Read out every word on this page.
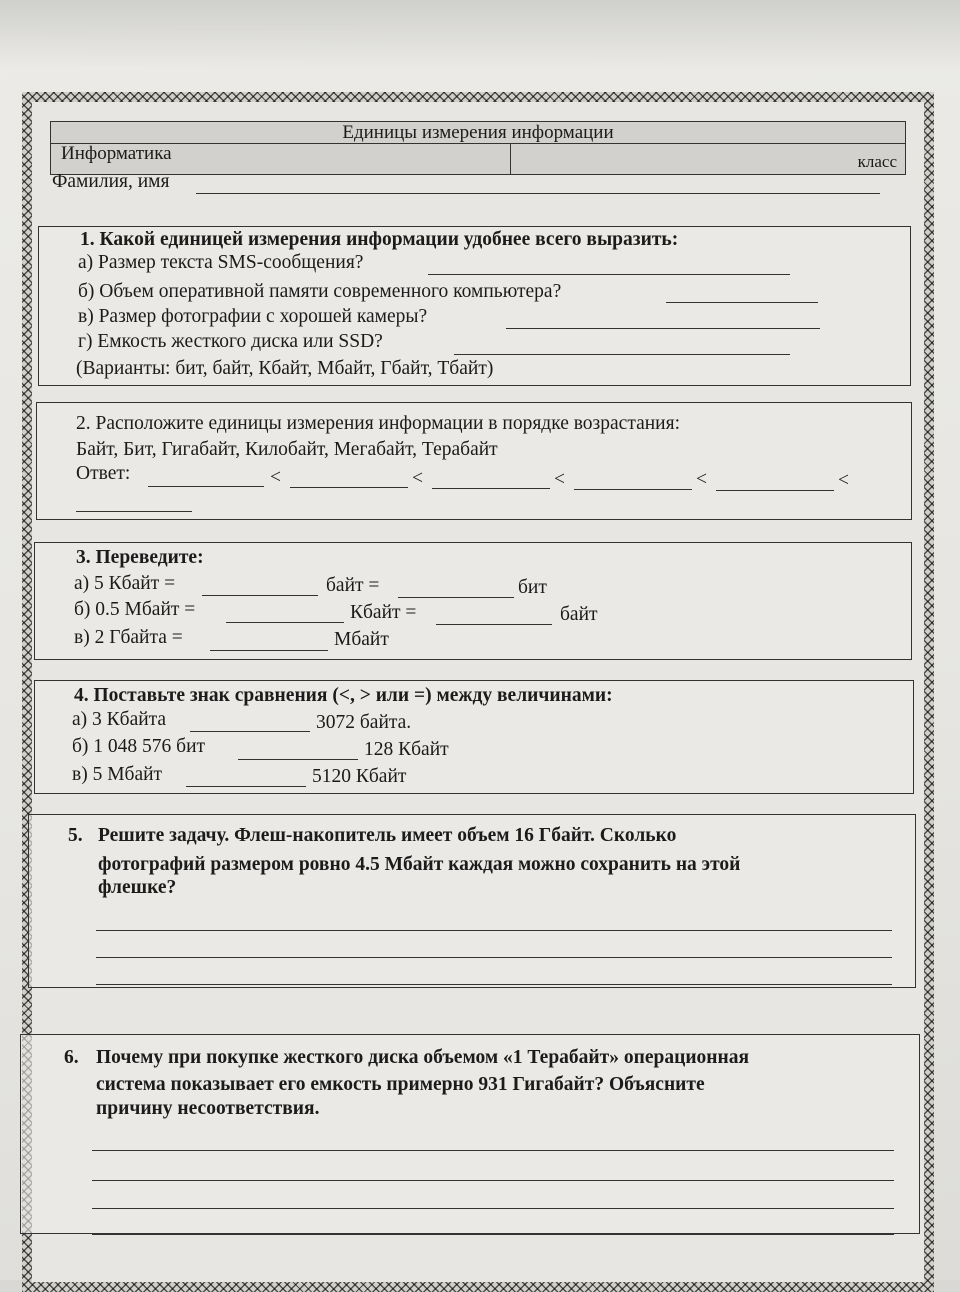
Единицы измерения информации
Информатика	класс
Фамилия, имя
1. Какой единицей измерения информации удобнее всего выразить:
а) Размер текста SMS-сообщения?
б) Объем оперативной памяти современного компьютера?
в) Размер фотографии с хорошей камеры?
г) Емкость жесткого диска или SSD?
(Варианты: бит, байт, Кбайт, Мбайт, Гбайт, Тбайт)
2. Расположите единицы измерения информации в порядке возрастания:
Байт, Бит, Гигабайт, Килобайт, Мегабайт, Терабайт
Ответ:	<	<	<	<	<
3. Переведите:
а) 5 Кбайт =	байт =	бит
б) 0.5 Мбайт =	Кбайт =	байт
в) 2 Гбайта =	Мбайт
4. Поставьте знак сравнения (<, > или =) между величинами:
а) 3 Кбайта	3072 байта.
б) 1 048 576 бит	128 Кбайт
в) 5 Мбайт	5120 Кбайт
5. Решите задачу. Флеш-накопитель имеет объем 16 Гбайт. Сколько
фотографий размером ровно 4.5 Мбайт каждая можно сохранить на этой
флешке?
6. Почему при покупке жесткого диска объемом «1 Терабайт» операционная
система показывает его емкость примерно 931 Гигабайт? Объясните
причину несоответствия.
